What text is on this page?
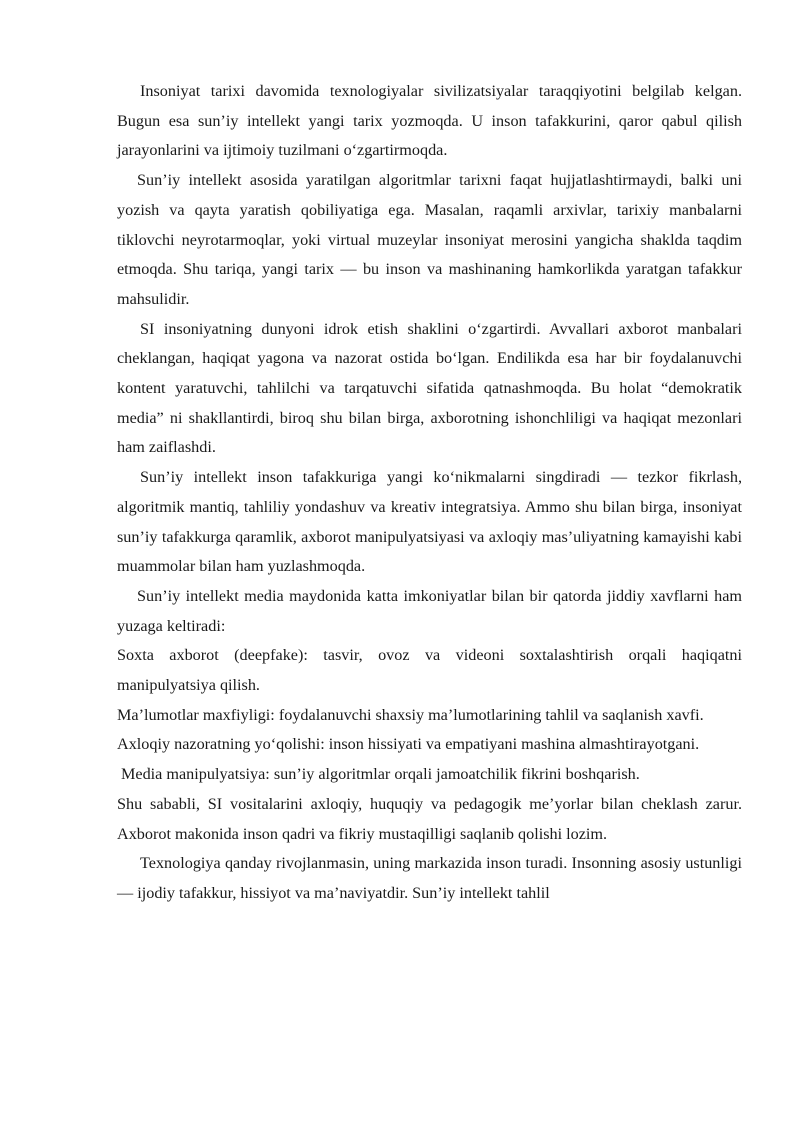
Insoniyat tarixi davomida texnologiyalar sivilizatsiyalar taraqqiyotini belgilab kelgan. Bugun esa sun’iy intellekt yangi tarix yozmoqda. U inson tafakkurini, qaror qabul qilish jarayonlarini va ijtimoiy tuzilmani o‘zgartirmoqda.

Sun’iy intellekt asosida yaratilgan algoritmlar tarixni faqat hujjatlashtirmaydi, balki uni yozish va qayta yaratish qobiliyatiga ega. Masalan, raqamli arxivlar, tarixiy manbalarni tiklovchi neyrotarmoqlar, yoki virtual muzeylar insoniyat merosini yangicha shaklda taqdim etmoqda. Shu tariqa, yangi tarix — bu inson va mashinaning hamkorlikda yaratgan tafakkur mahsulidir.

SI insoniyatning dunyoni idrok etish shaklini o‘zgartirdi. Avvallari axborot manbalari cheklangan, haqiqat yagona va nazorat ostida bo‘lgan. Endilikda esa har bir foydalanuvchi kontent yaratuvchi, tahlilchi va tarqatuvchi sifatida qatnashmoqda. Bu holat “demokratik media” ni shakllantirdi, biroq shu bilan birga, axborotning ishonchliligi va haqiqat mezonlari ham zaiflashdi.

Sun’iy intellekt inson tafakkuriga yangi ko‘nikmalarni singdiradi — tezkor fikrlash, algoritmik mantiq, tahliliy yondashuv va kreativ integratsiya. Ammo shu bilan birga, insoniyat sun’iy tafakkurga qaramlik, axborot manipulyatsiyasi va axloqiy mas’uliyatning kamayishi kabi muammolar bilan ham yuzlashmoqda.

Sun’iy intellekt media maydonida katta imkoniyatlar bilan bir qatorda jiddiy xavflarni ham yuzaga keltiradi:

Soxta axborot (deepfake): tasvir, ovoz va videoni soxtalashtirish orqali haqiqatni manipulyatsiya qilish.

Ma’lumotlar maxfiyligi: foydalanuvchi shaxsiy ma’lumotlarining tahlil va saqlanish xavfi.

Axloqiy nazoratning yo‘qolishi: inson hissiyati va empatiyani mashina almashtirayotgani.

Media manipulyatsiya: sun’iy algoritmlar orqali jamoatchilik fikrini boshqarish.

Shu sababli, SI vositalarini axloqiy, huquqiy va pedagogik me’yorlar bilan cheklash zarur. Axborot makonida inson qadri va fikriy mustaqilligi saqlanib qolishi lozim.

Texnologiya qanday rivojlanmasin, uning markazida inson turadi. Insonning asosiy ustunligi — ijodiy tafakkur, hissiyot va ma’naviyatdir. Sun’iy intellekt tahlil
